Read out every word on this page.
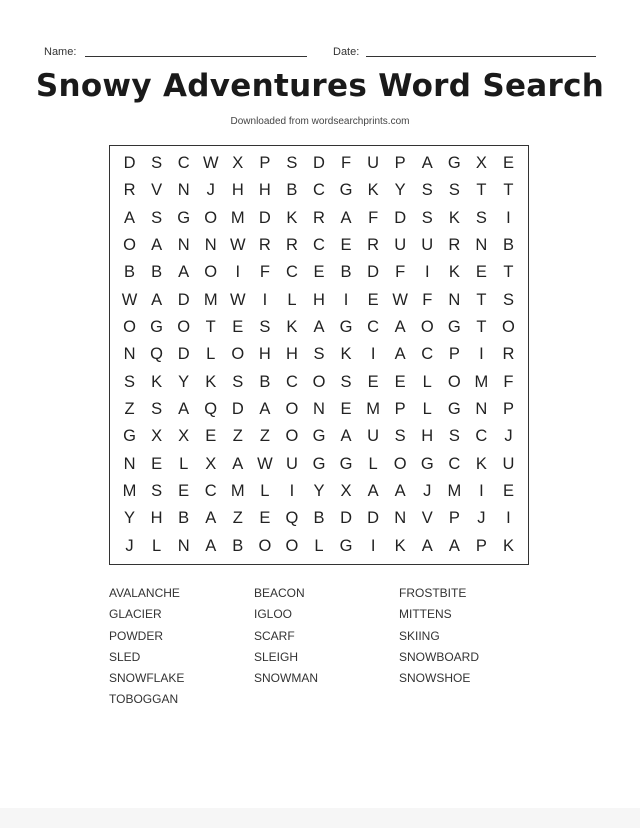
Name:	Date:
Snowy Adventures Word Search
Downloaded from wordsearchprints.com
D S C W X P S D F U P A G X E
R V N	J	H H B C G K Y S S	T	T
A S G O M D K R A	F D S K S	I
O A N N W R R C E R U U R N B
B B A O	I	F C E B D F	I	K E	T
W A D M W	I	L	H	I	E W F N T	S
O G O T	E S K A G C A O G T O
N Q D	L O H H S K	I	A C P	I	R
S K Y K S B C O S E E	L O M F
Z	S A Q D A O N E M P	L G N P
G X X E	Z	Z O G A U S H S C	J
N E	L	X A W U G G L O G C K U
M S E C M L	I	Y X A A	J M	I	E
Y H B A	Z	E Q B D D N V P	J	I
J	L	N A B O O L G	I	K A A P K
AVALANCHE	BEACON	FROSTBITE
GLACIER	IGLOO	MITTENS
POWDER	SCARF	SKIING
SLED	SLEIGH	SNOWBOARD
SNOWFLAKE	SNOWMAN	SNOWSHOE
TOBOGGAN
